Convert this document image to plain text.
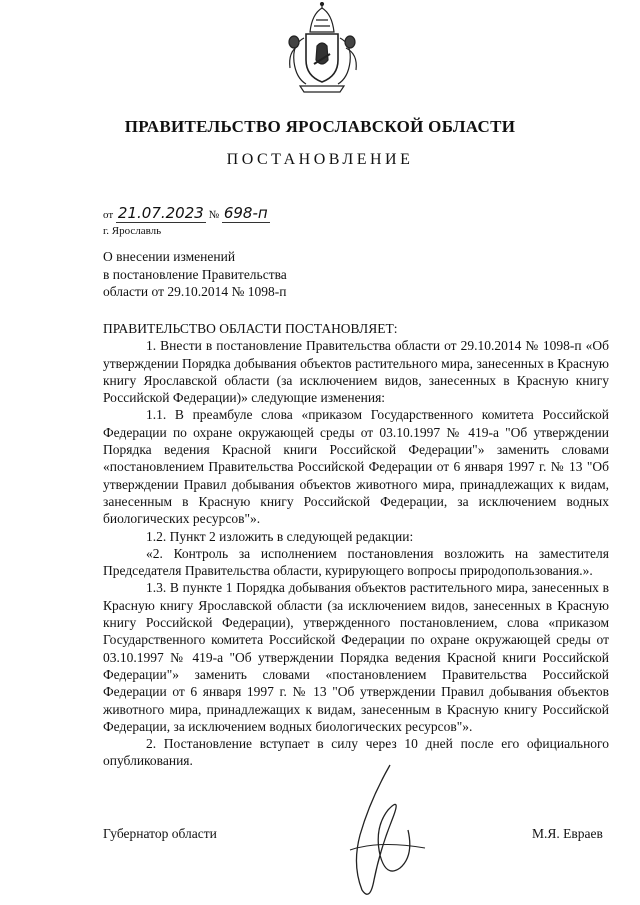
ПРАВИТЕЛЬСТВО ЯРОСЛАВСКОЙ ОБЛАСТИ
ПОСТАНОВЛЕНИЕ
от 21.07.2023 № 698-п
г. Ярославль
О внесении изменений
в постановление Правительства
области от 29.10.2014 № 1098-п

ПРАВИТЕЛЬСТВО ОБЛАСТИ ПОСТАНОВЛЯЕТ:

1. Внести в постановление Правительства области от 29.10.2014 № 1098-п «Об утверждении Порядка добывания объектов растительного мира, занесенных в Красную книгу Ярославской области (за исключением видов, занесенных в Красную книгу Российской Федерации)» следующие изменения:

1.1. В преамбуле слова «приказом Государственного комитета Российской Федерации по охране окружающей среды от 03.10.1997 № 419-а "Об утверждении Порядка ведения Красной книги Российской Федерации"» заменить словами «постановлением Правительства Российской Федерации от 6 января 1997 г. № 13 "Об утверждении Правил добывания объектов животного мира, принадлежащих к видам, занесенным в Красную книгу Российской Федерации, за исключением водных биологических ресурсов"».

1.2. Пункт 2 изложить в следующей редакции:

«2. Контроль за исполнением постановления возложить на заместителя Председателя Правительства области, курирующего вопросы природопользования.».

1.3. В пункте 1 Порядка добывания объектов растительного мира, занесенных в Красную книгу Ярославской области (за исключением видов, занесенных в Красную книгу Российской Федерации), утвержденного постановлением, слова «приказом Государственного комитета Российской Федерации по охране окружающей среды от 03.10.1997 № 419-а "Об утверждении Порядка ведения Красной книги Российской Федерации"» заменить словами «постановлением Правительства Российской Федерации от 6 января 1997 г. № 13 "Об утверждении Правил добывания объектов животного мира, принадлежащих к видам, занесенным в Красную книгу Российской Федерации, за исключением водных биологических ресурсов"».

2. Постановление вступает в силу через 10 дней после его официального опубликования.

Губернатор области	М.Я. Евраев
